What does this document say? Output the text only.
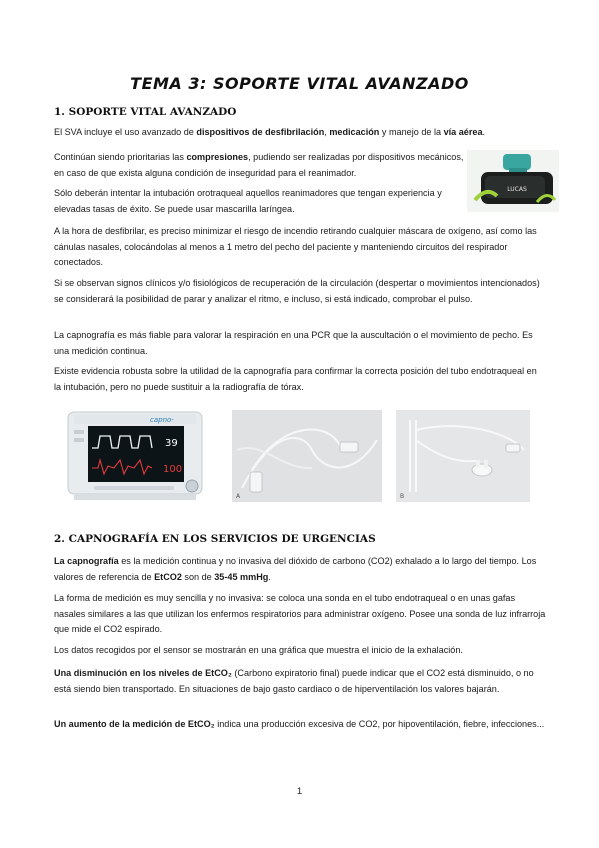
TEMA 3: SOPORTE VITAL AVANZADO
1. SOPORTE VITAL AVANZADO
El SVA incluye el uso avanzado de dispositivos de desfibrilación, medicación y manejo de la vía aérea.
Continúan siendo prioritarias las compresiones, pudiendo ser realizadas por dispositivos mecánicos, en caso de que exista alguna condición de inseguridad para el reanimador.
Sólo deberán intentar la intubación orotraqueal aquellos reanimadores que tengan experiencia y elevadas tasas de éxito. Se puede usar mascarilla laríngea.
A la hora de desfibrilar, es preciso minimizar el riesgo de incendio retirando cualquier máscara de oxígeno, así como las cánulas nasales, colocándolas al menos a 1 metro del pecho del paciente y manteniendo circuitos del respirador conectados.
Si se observan signos clínicos y/o fisiológicos de recuperación de la circulación (despertar o movimientos intencionados) se considerará la posibilidad de parar y analizar el ritmo, e incluso, si está indicado, comprobar el pulso.
La capnografía es más fiable para valorar la respiración en una PCR que la auscultación o el movimiento de pecho. Es una medición continua.
Existe evidencia robusta sobre la utilidad de la capnografía para confirmar la correcta posición del tubo endotraqueal en la intubación, pero no puede sustituir a la radiografía de tórax.
LUCAS
capno-
39
100
A	B
2. CAPNOGRAFÍA EN LOS SERVICIOS DE URGENCIAS
La capnografía es la medición continua y no invasiva del dióxido de carbono (CO2) exhalado a lo largo del tiempo. Los valores de referencia de EtCO2 son de 35-45 mmHg.
La forma de medición es muy sencilla y no invasiva: se coloca una sonda en el tubo endotraqueal o en unas gafas nasales similares a las que utilizan los enfermos respiratorios para administrar oxígeno. Posee una sonda de luz infrarroja que mide el CO2 espirado.
Los datos recogidos por el sensor se mostrarán en una gráfica que muestra el inicio de la exhalación.
Una disminución en los niveles de EtCO₂ (Carbono expiratorio final) puede indicar que el CO2 está disminuido, o no está siendo bien transportado. En situaciones de bajo gasto cardiaco o de hiperventilación los valores bajarán.
Un aumento de la medición de EtCO₂ indica una producción excesiva de CO2, por hipoventilación, fiebre, infecciones...
1
